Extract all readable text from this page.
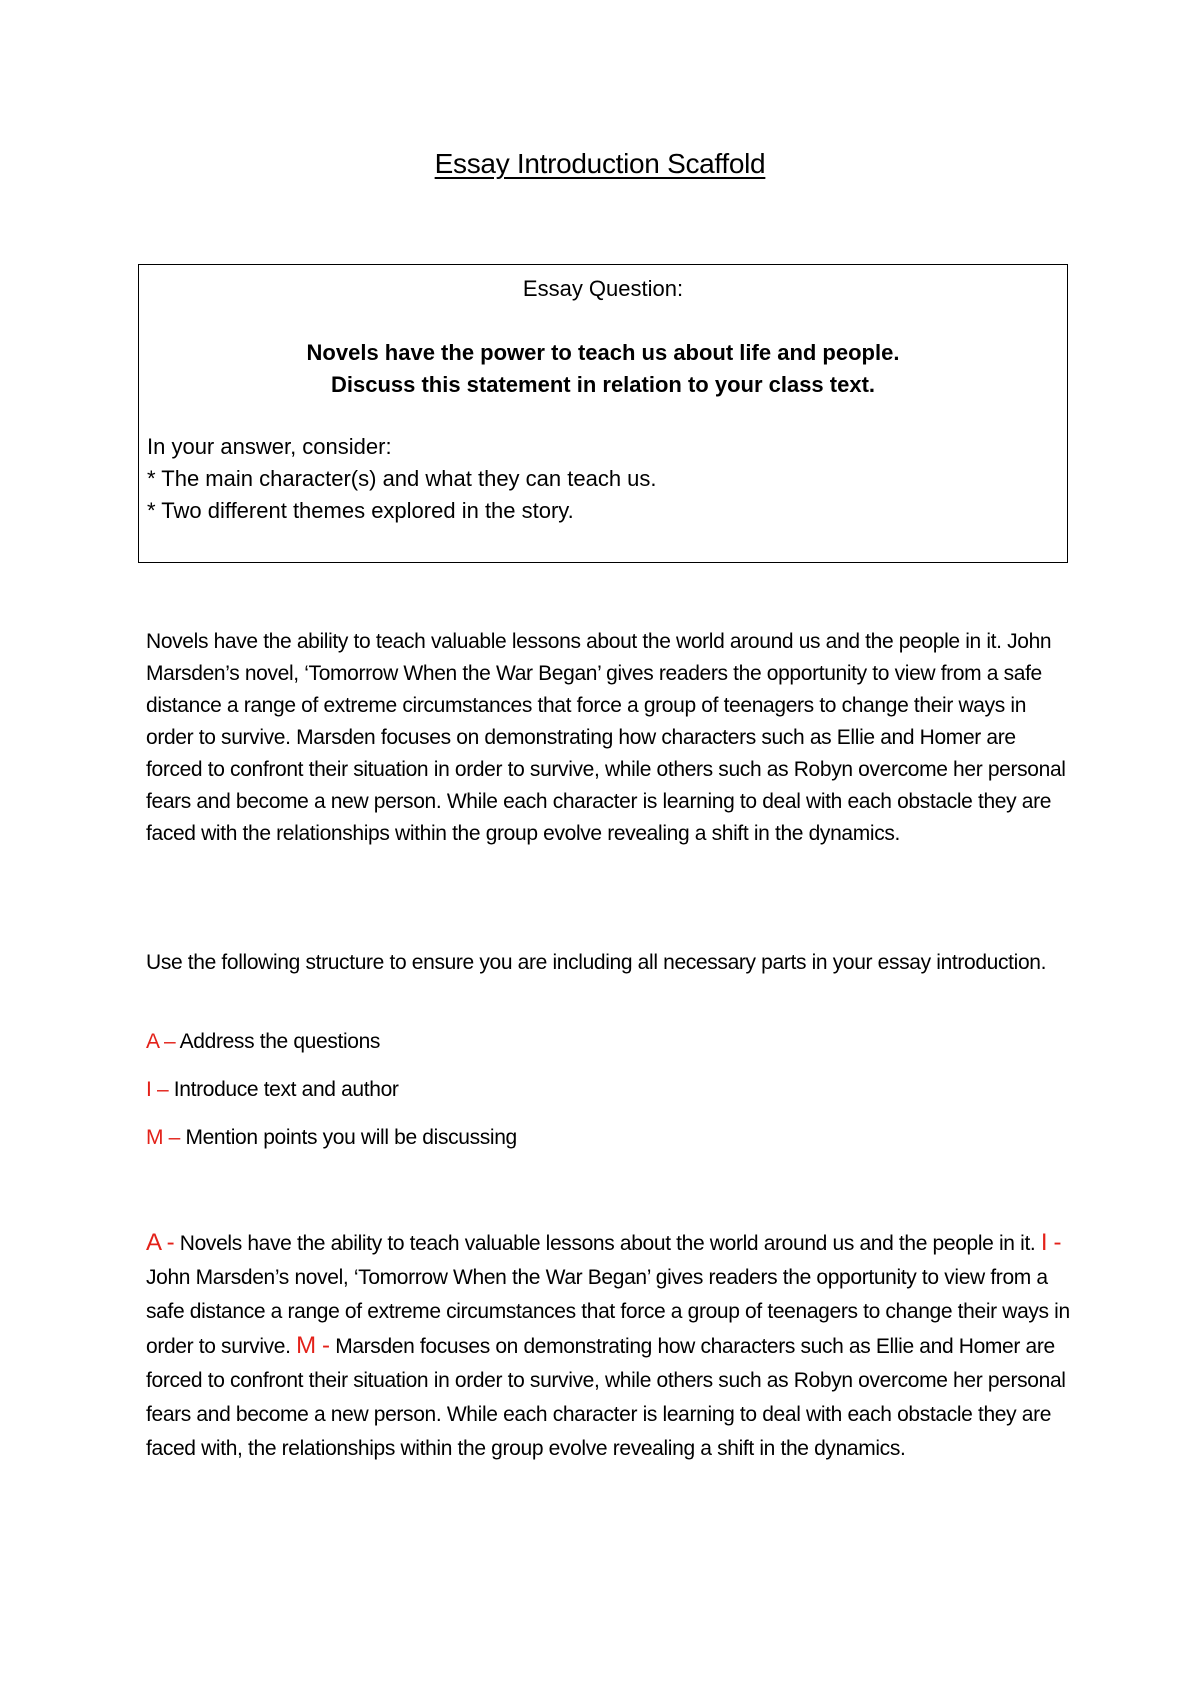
Essay Introduction Scaffold
Essay Question:
Novels have the power to teach us about life and people.
Discuss this statement in relation to your class text.
In your answer, consider:
* The main character(s) and what they can teach us.
* Two different themes explored in the story.
Novels have the ability to teach valuable lessons about the world around us and the people in it. John Marsden’s novel, ‘Tomorrow When the War Began’ gives readers the opportunity to view from a safe distance a range of extreme circumstances that force a group of teenagers to change their ways in order to survive. Marsden focuses on demonstrating how characters such as Ellie and Homer are forced to confront their situation in order to survive, while others such as Robyn overcome her personal fears and become a new person. While each character is learning to deal with each obstacle they are faced with the relationships within the group evolve revealing a shift in the dynamics.
Use the following structure to ensure you are including all necessary parts in your essay introduction.
A – Address the questions
I – Introduce text and author
M – Mention points you will be discussing
A - Novels have the ability to teach valuable lessons about the world around us and the people in it. I - John Marsden’s novel, ‘Tomorrow When the War Began’ gives readers the opportunity to view from a safe distance a range of extreme circumstances that force a group of teenagers to change their ways in order to survive. M - Marsden focuses on demonstrating how characters such as Ellie and Homer are forced to confront their situation in order to survive, while others such as Robyn overcome her personal fears and become a new person. While each character is learning to deal with each obstacle they are faced with, the relationships within the group evolve revealing a shift in the dynamics.
